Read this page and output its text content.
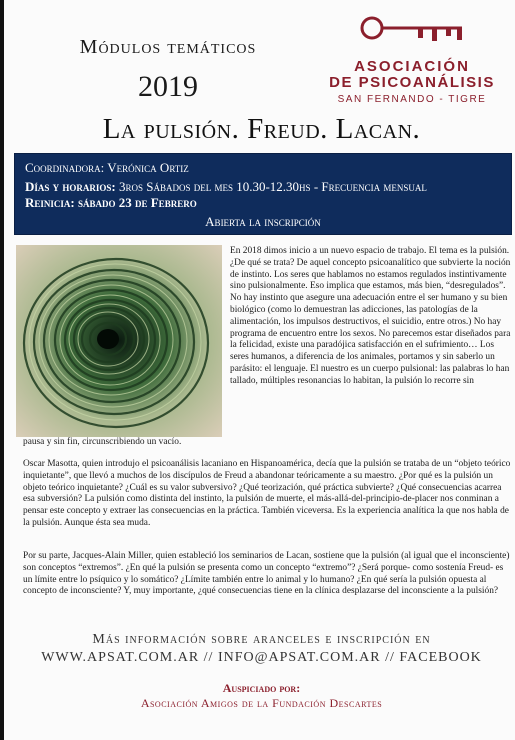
Módulos temáticos
2019
ASOCIACIÓN
DE PSICOANÁLISIS
SAN FERNANDO - TIGRE
La pulsión. Freud. Lacan.
Coordinadora: Verónica Ortiz
Días y horarios: 3ros Sábados del mes 10.30-12.30hs - Frecuencia mensual
Reinicia: sábado 23 de Febrero
Abierta la inscripción

En 2018 dimos inicio a un nuevo espacio de trabajo. El tema es la pulsión. ¿De qué se trata? De aquel concepto psicoanalítico que subvierte la noción de instinto. Los seres que hablamos no estamos regulados instintivamente sino pulsionalmente. Eso implica que estamos, más bien, “desregulados”. No hay instinto que asegure una adecuación entre el ser humano y su bien biológico (como lo demuestran las adicciones, las patologías de la alimentación, los impulsos destructivos, el suicidio, entre otros.) No hay programa de encuentro entre los sexos. No parecemos estar diseñados para la felicidad, existe una paradójica satisfacción en el sufrimiento… Los seres humanos, a diferencia de los animales, portamos y sin saberlo un parásito: el lenguaje. El nuestro es un cuerpo pulsional: las palabras lo han tallado, múltiples resonancias lo habitan, la pulsión lo recorre sin

pausa y sin fin, circunscribiendo un vacío.

Oscar Masotta, quien introdujo el psicoanálisis lacaniano en Hispanoamérica, decía que la pulsión se trataba de un “objeto teórico inquietante”, que llevó a muchos de los discípulos de Freud a abandonar teóricamente a su maestro. ¿Por qué es la pulsión un objeto teórico inquietante? ¿Cuál es su valor subversivo? ¿Qué teorización, qué práctica subvierte? ¿Qué consecuencias acarrea esa subversión? La pulsión como distinta del instinto, la pulsión de muerte, el más-allá-del-principio-de-placer nos conminan a pensar este concepto y extraer las consecuencias en la práctica. También viceversa. Es la experiencia analítica la que nos habla de la pulsión. Aunque ésta sea muda.

Por su parte, Jacques-Alain Miller, quien estableció los seminarios de Lacan, sostiene que la pulsión (al igual que el inconsciente) son conceptos “extremos”. ¿En qué la pulsión se presenta como un concepto “extremo”? ¿Será porque- como sostenía Freud- es un límite entre lo psíquico y lo somático? ¿Límite también entre lo animal y lo humano? ¿En qué sería la pulsión opuesta al concepto de inconsciente? Y, muy importante, ¿qué consecuencias tiene en la clínica desplazarse del inconsciente a la pulsión?

Más información sobre aranceles e inscripción en
WWW.APSAT.COM.AR // INFO@APSAT.COM.AR // FACEBOOK
Auspiciado por:
Asociación Amigos de la Fundación Descartes
